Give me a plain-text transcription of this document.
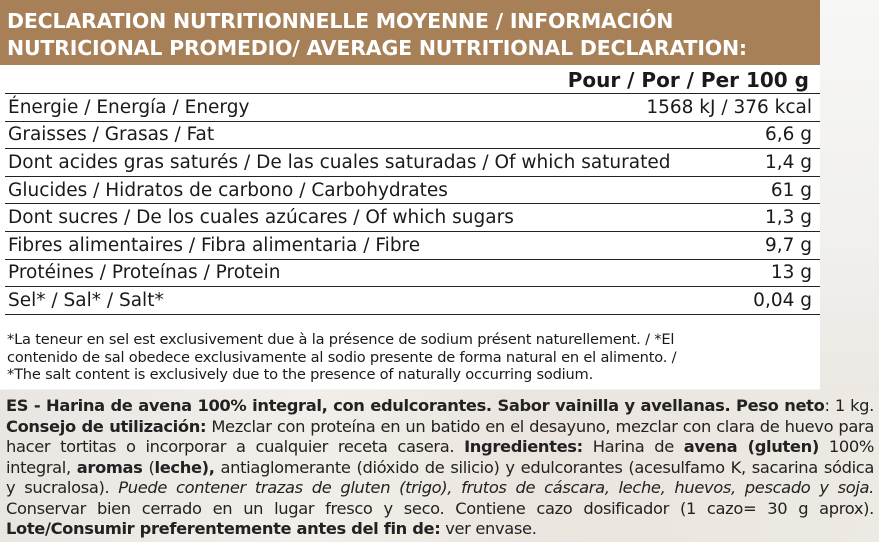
DECLARATION NUTRITIONNELLE MOYENNE / INFORMACIÓN
NUTRICIONAL PROMEDIO/ AVERAGE NUTRITIONAL DECLARATION:
Pour / Por / Per 100 g
Énergie / Energía / Energy	1568 kJ / 376 kcal
Graisses / Grasas / Fat	6,6 g
Dont acides gras saturés / De las cuales saturadas / Of which saturated	1,4 g
Glucides / Hidratos de carbono / Carbohydrates	61 g
Dont sucres / De los cuales azúcares / Of which sugars	1,3 g
Fibres alimentaires / Fibra alimentaria / Fibre	9,7 g
Protéines / Proteínas / Protein	13 g
Sel* / Sal* / Salt*	0,04 g
*La teneur en sel est exclusivement due à la présence de sodium présent naturellement. / *El
contenido de sal obedece exclusivamente al sodio presente de forma natural en el alimento. /
*The salt content is exclusively due to the presence of naturally occurring sodium.
ES - Harina de avena 100% integral, con edulcorantes. Sabor vainilla y avellanas. Peso neto: 1 kg. Consejo de utilización: Mezclar con proteína en un batido en el desayuno, mezclar con clara de huevo para hacer tortitas o incorporar a cualquier receta casera. Ingredientes: Harina de avena (gluten) 100% integral, aromas (leche), antiaglomerante (dióxido de silicio) y edulcorantes (acesulfamo K, sacarina sódica y sucralosa). Puede contener trazas de gluten (trigo), frutos de cáscara, leche, huevos, pescado y soja. Conservar bien cerrado en un lugar fresco y seco. Contiene cazo dosificador (1 cazo= 30 g aprox). Lote/Consumir preferentemente antes del fin de: ver envase.
